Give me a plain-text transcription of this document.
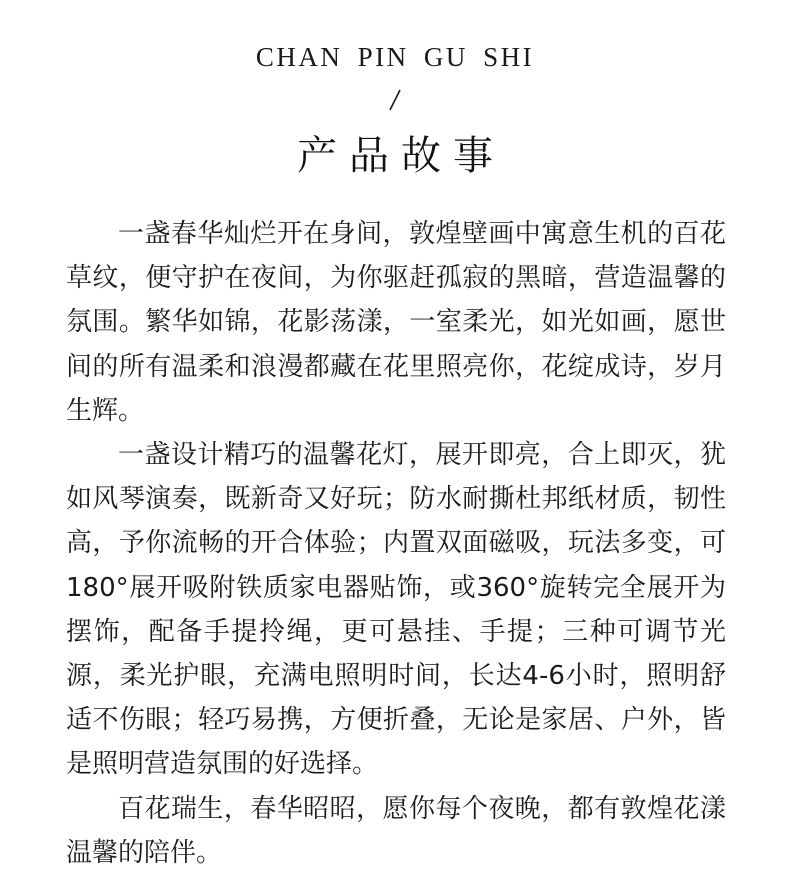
CHAN PIN GU SHI
产品故事

一盏春华灿烂开在身间，敦煌壁画中寓意生机的百花草纹，便守护在夜间，为你驱赶孤寂的黑暗，营造温馨的氛围。繁华如锦，花影荡漾，一室柔光，如光如画，愿世间的所有温柔和浪漫都藏在花里照亮你，花绽成诗，岁月生辉。

一盏设计精巧的温馨花灯，展开即亮，合上即灭，犹如风琴演奏，既新奇又好玩；防水耐撕杜邦纸材质，韧性高，予你流畅的开合体验；内置双面磁吸，玩法多变，可180°展开吸附铁质家电器贴饰，或360°旋转完全展开为摆饰，配备手提拎绳，更可悬挂、手提；三种可调节光源，柔光护眼，充满电照明时间，长达4-6小时，照明舒适不伤眼；轻巧易携，方便折叠，无论是家居、户外，皆是照明营造氛围的好选择。

百花瑞生，春华昭昭，愿你每个夜晚，都有敦煌花漾温馨的陪伴。
